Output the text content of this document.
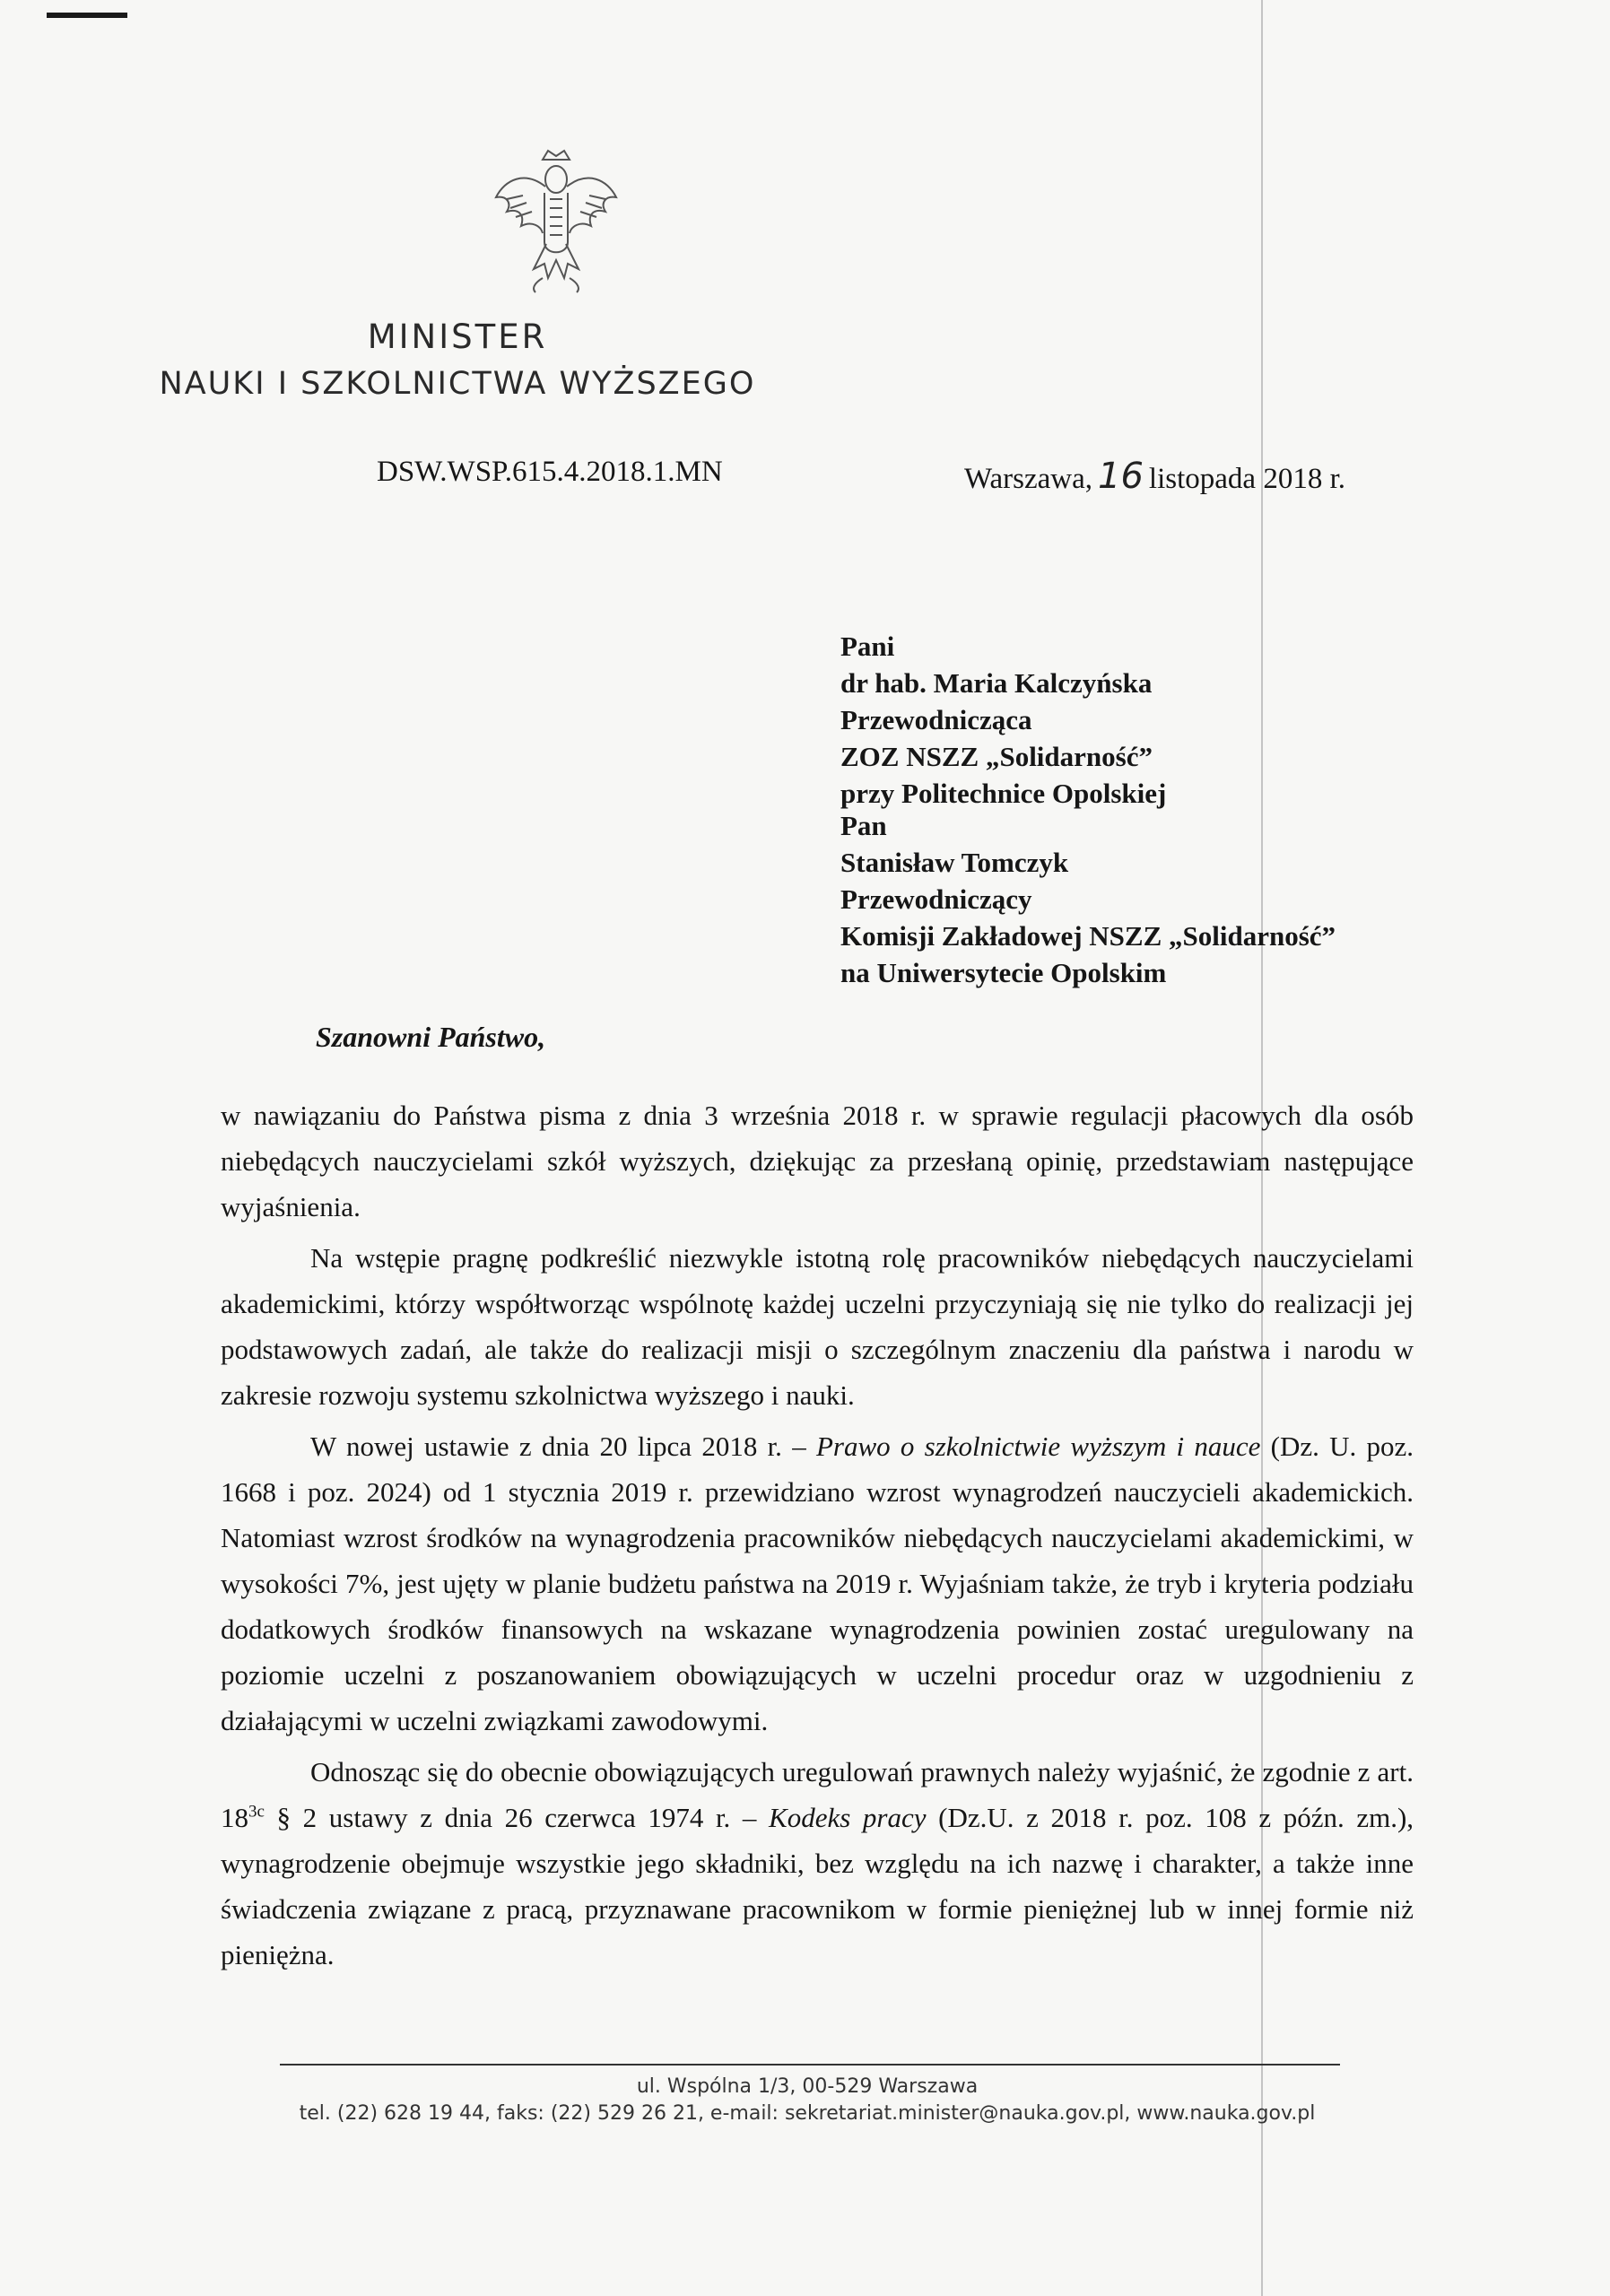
MINISTER
NAUKI I SZKOLNICTWA WYŻSZEGO
DSW.WSP.615.4.2018.1.MN	Warszawa, 16 listopada 2018 r.
Pani
dr hab. Maria Kalczyńska
Przewodnicząca
ZOZ NSZZ „Solidarność”
przy Politechnice Opolskiej
Pan
Stanisław Tomczyk
Przewodniczący
Komisji Zakładowej NSZZ „Solidarność”
na Uniwersytecie Opolskim
Szanowni Państwo,

w nawiązaniu do Państwa pisma z dnia 3 września 2018 r. w sprawie regulacji płacowych dla osób niebędących nauczycielami szkół wyższych, dziękując za przesłaną opinię, przedstawiam następujące wyjaśnienia.

Na wstępie pragnę podkreślić niezwykle istotną rolę pracowników niebędących nauczycielami akademickimi, którzy współtworząc wspólnotę każdej uczelni przyczyniają się nie tylko do realizacji jej podstawowych zadań, ale także do realizacji misji o szczególnym znaczeniu dla państwa i narodu w zakresie rozwoju systemu szkolnictwa wyższego i nauki.

W nowej ustawie z dnia 20 lipca 2018 r. – Prawo o szkolnictwie wyższym i nauce (Dz. U. poz. 1668 i poz. 2024) od 1 stycznia 2019 r. przewidziano wzrost wynagrodzeń nauczycieli akademickich. Natomiast wzrost środków na wynagrodzenia pracowników niebędących nauczycielami akademickimi, w wysokości 7%, jest ujęty w planie budżetu państwa na 2019 r. Wyjaśniam także, że tryb i kryteria podziału dodatkowych środków finansowych na wskazane wynagrodzenia powinien zostać uregulowany na poziomie uczelni z poszanowaniem obowiązujących w uczelni procedur oraz w uzgodnieniu z działającymi w uczelni związkami zawodowymi.

Odnosząc się do obecnie obowiązujących uregulowań prawnych należy wyjaśnić, że zgodnie z art. $18^{3c}$ § 2 ustawy z dnia 26 czerwca 1974 r. – Kodeks pracy (Dz.U. z 2018 r. poz. 108 z późn. zm.), wynagrodzenie obejmuje wszystkie jego składniki, bez względu na ich nazwę i charakter, a także inne świadczenia związane z pracą, przyznawane pracownikom w formie pieniężnej lub w innej formie niż pieniężna.

ul. Wspólna 1/3, 00-529 Warszawa
tel. (22) 628 19 44, faks: (22) 529 26 21, e-mail: sekretariat.minister@nauka.gov.pl, www.nauka.gov.pl
